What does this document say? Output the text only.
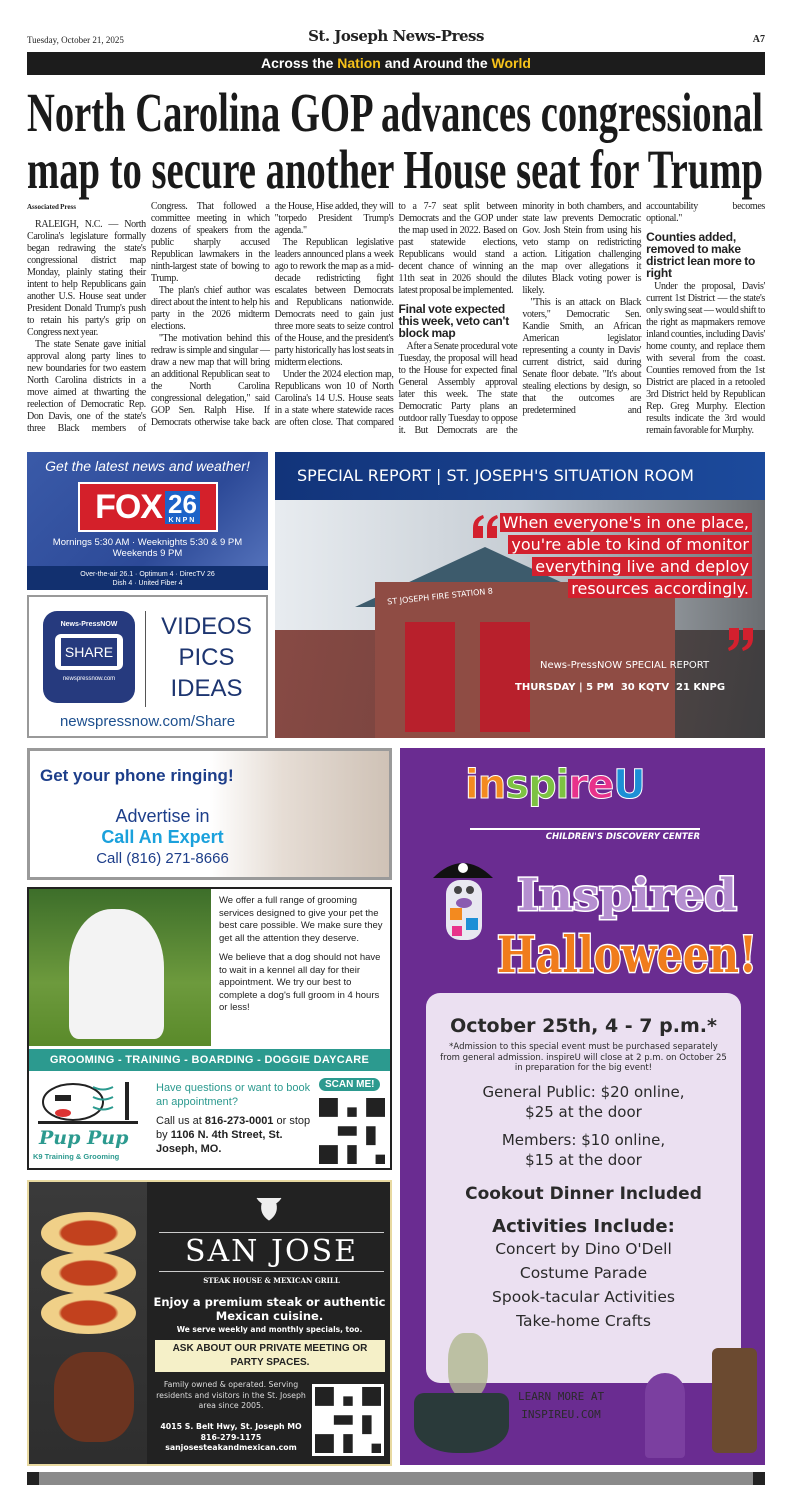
Tuesday, October 21, 2025	St. Joseph News-Press	A7
Across the Nation and Around the World
North Carolina GOP advances congressional
map to secure another House seat for Trump
Associated Press

RALEIGH, N.C. — North Carolina's legislature formally began redrawing the state's congressional district map Monday, plainly stating their intent to help Republicans gain another U.S. House seat under President Donald Trump's push to retain his party's grip on Congress next year.

The state Senate gave initial approval along party lines to new boundaries for two eastern North Carolina districts in a move aimed at thwarting the reelection of Democratic Rep. Don Davis, one of the state's three Black members of Congress. That followed a committee meeting in which dozens of speakers from the public sharply accused Republican lawmakers in the ninth-largest state of bowing to Trump.

The plan's chief author was direct about the intent to help his party in the 2026 midterm elections.

"The motivation behind this redraw is simple and singular — draw a new map that will bring an additional Republican seat to the North Carolina congressional delegation," said GOP Sen. Ralph Hise. If Democrats otherwise take back the House, Hise added, they will "torpedo President Trump's agenda."

The Republican legislative leaders announced plans a week ago to rework the map as a mid-decade redistricting fight escalates between Democrats and Republicans nationwide. Democrats need to gain just three more seats to seize control of the House, and the president's party historically has lost seats in midterm elections.

Under the 2024 election map, Republicans won 10 of North Carolina's 14 U.S. House seats in a state where statewide races are often close. That compared to a 7-7 seat split between Democrats and the GOP under the map used in 2022. Based on past statewide elections, Republicans would stand a decent chance of winning an 11th seat in 2026 should the latest proposal be implemented.

Final vote expected this week, veto can't block map

After a Senate procedural vote Tuesday, the proposal will head to the House for expected final General Assembly approval later this week. The state Democratic Party plans an outdoor rally Tuesday to oppose it. But Democrats are the minority in both chambers, and state law prevents Democratic Gov. Josh Stein from using his veto stamp on redistricting action. Litigation challenging the map over allegations it dilutes Black voting power is likely.

"This is an attack on Black voters," Democratic Sen. Kandie Smith, an African American legislator representing a county in Davis' current district, said during Senate floor debate. "It's about stealing elections by design, so that the outcomes are predetermined and accountability becomes optional."

Counties added, removed to make district lean more to right

Under the proposal, Davis' current 1st District — the state's only swing seat — would shift to the right as mapmakers remove inland counties, including Davis' home county, and replace them with several from the coast. Counties removed from the 1st District are placed in a retooled 3rd District held by Republican Rep. Greg Murphy. Election results indicate the 3rd would remain favorable for Murphy.

Get the latest news and weather!
FOX 26
KNPN
Mornings 5:30 AM · Weeknights 5:30 & 9 PM
Weekends 9 PM
Over-the-air 26.1 · Optimum 4 · DirecTV 26
Dish 4 · United Fiber 4
News-PressNOW
SHARE
newspressnow.com
VIDEOS
PICS
IDEAS
newspressnow.com/Share
ST JOSEPH FIRE STATION 8
SPECIAL REPORT | ST. JOSEPH'S SITUATION ROOM
When everyone's in one place, you're able to kind of monitor everything live and deploy resources accordingly.
News-PressNOW SPECIAL REPORT
THURSDAY | 5 PM 30 KQTV 21 KNPG
Get your phone ringing!
Advertise in
Call An Expert
Call (816) 271-8666

We offer a full range of grooming services designed to give your pet the best care possible. We make sure they get all the attention they deserve.

We believe that a dog should not have to wait in a kennel all day for their appointment. We try our best to complete a dog's full groom in 4 hours or less!

GROOMING - TRAINING - BOARDING - DOGGIE DAYCARE
Pup Pup
K9 Training & Grooming
Have questions or want to book an appointment?
Call us at 816-273-0001 or stop by 1106 N. 4th Street, St. Joseph, MO.
SCAN ME!
SAN JOSE
STEAK HOUSE & MEXICAN GRILL
Enjoy a premium steak or authentic Mexican cuisine.
We serve weekly and monthly specials, too.
ASK ABOUT OUR PRIVATE MEETING OR PARTY SPACES.
Family owned & operated. Serving residents and visitors in the St. Joseph area since 2005.
4015 S. Belt Hwy, St. Joseph MO
816-279-1175
sanjosesteakandmexican.com
inspireU
CHILDREN'S DISCOVERY CENTER
Inspired
Halloween!
October 25th, 4 - 7 p.m.*
*Admission to this special event must be purchased separately from general admission. inspireU will close at 2 p.m. on October 25 in preparation for the big event!
General Public: $20 online,
$25 at the door
Members: $10 online,
$15 at the door
Cookout Dinner Included
Activities Include:
Concert by Dino O'Dell
Costume Parade
Spook-tacular Activities
Take-home Crafts
LEARN MORE AT
INSPIREU.COM
